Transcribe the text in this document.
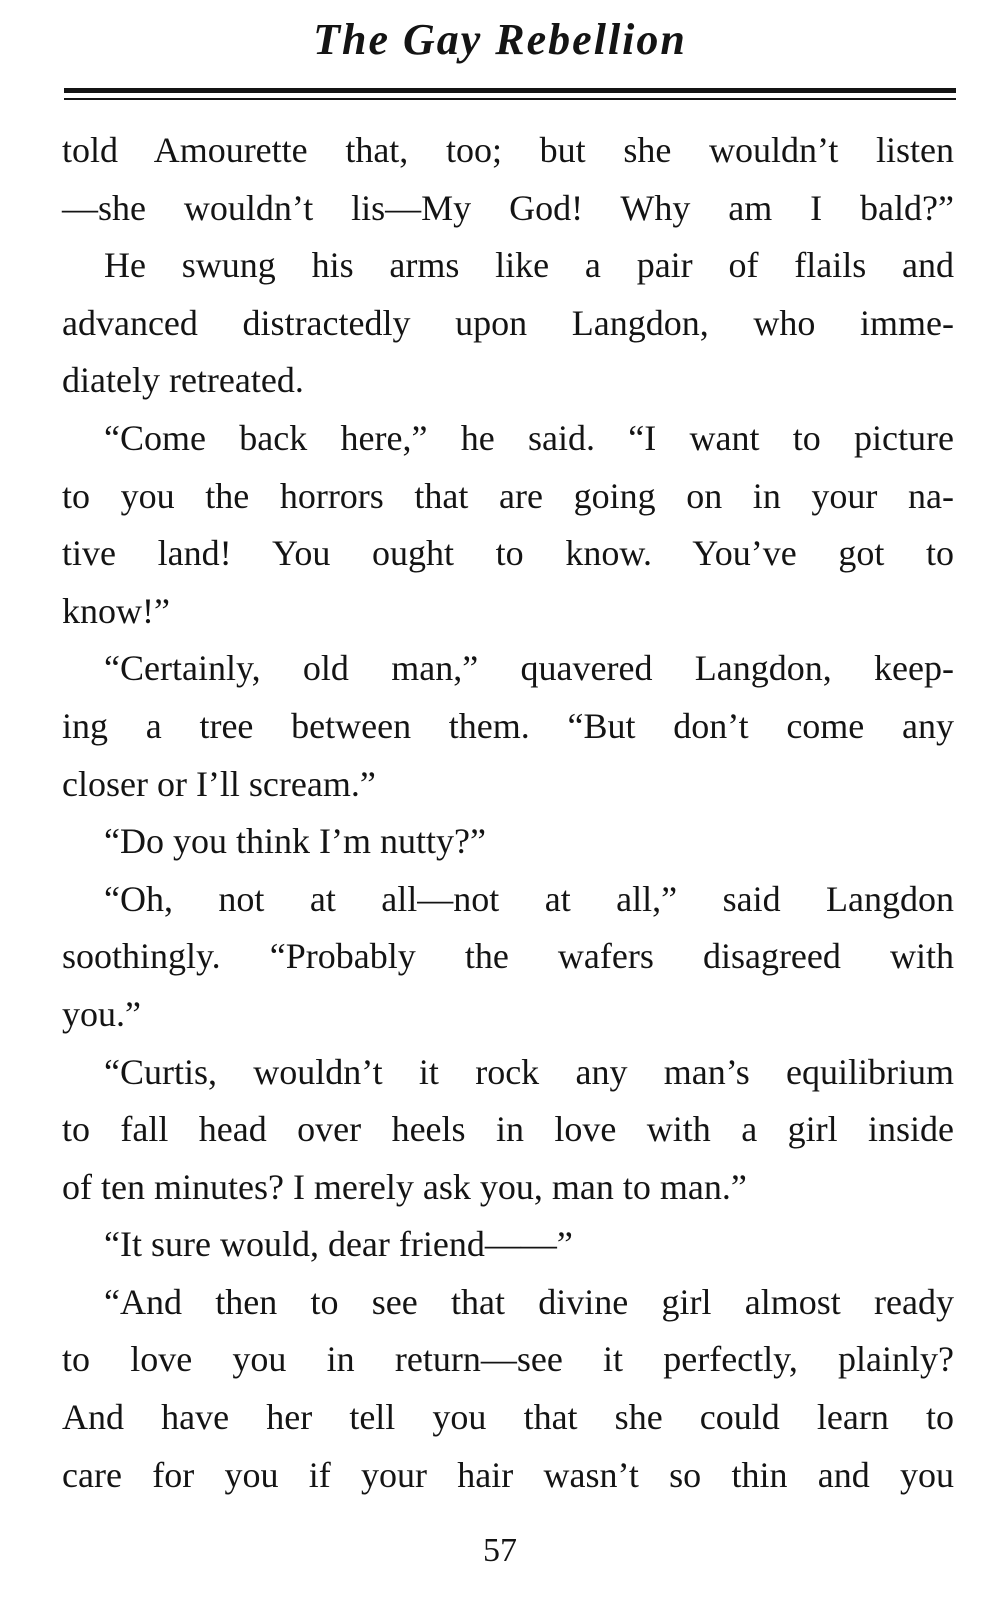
The Gay Rebellion
told Amourette that, too; but she wouldn’t listen
—she wouldn’t lis—My God! Why am I bald?”
He swung his arms like a pair of flails and
advanced distractedly upon Langdon, who imme-
diately retreated.
“Come back here,” he said. “I want to picture
to you the horrors that are going on in your na-
tive land! You ought to know. You’ve got to
know!”
“Certainly, old man,” quavered Langdon, keep-
ing a tree between them. “But don’t come any
closer or I’ll scream.”
“Do you think I’m nutty?”
“Oh, not at all—not at all,” said Langdon
soothingly. “Probably the wafers disagreed with
you.”
“Curtis, wouldn’t it rock any man’s equilibrium
to fall head over heels in love with a girl inside
of ten minutes? I merely ask you, man to man.”
“It sure would, dear friend——”
“And then to see that divine girl almost ready
to love you in return—see it perfectly, plainly?
And have her tell you that she could learn to
care for you if your hair wasn’t so thin and you
57
